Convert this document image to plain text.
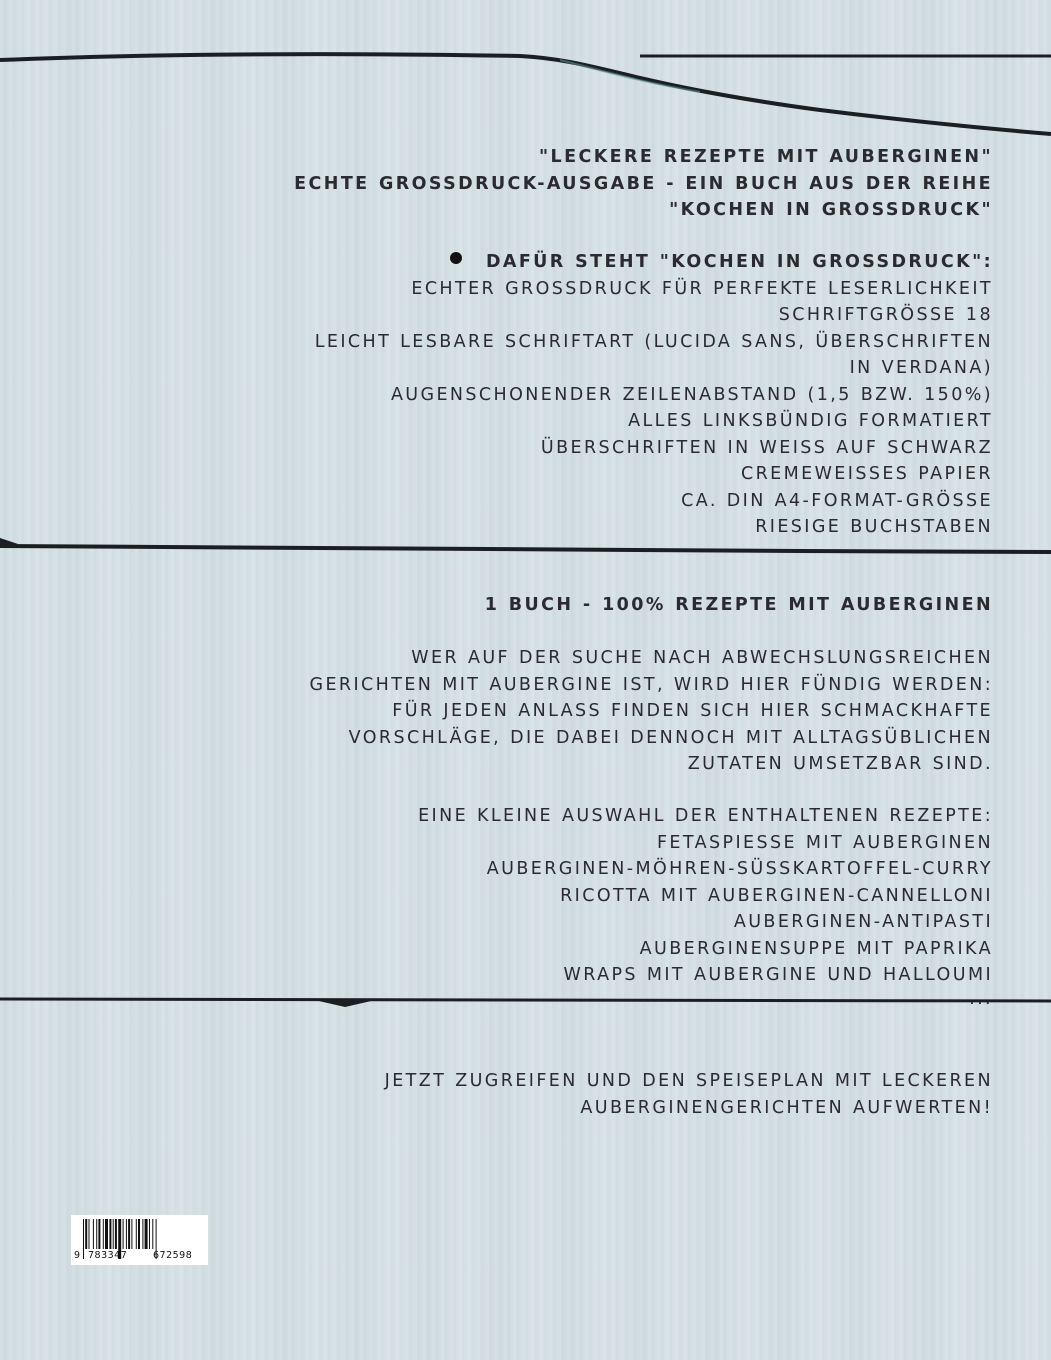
"LECKERE REZEPTE MIT AUBERGINEN"
ECHTE GROSSDRUCK-AUSGABE - EIN BUCH AUS DER REIHE
"KOCHEN IN GROSSDRUCK"
DAFÜR STEHT "KOCHEN IN GROSSDRUCK":
ECHTER GROSSDRUCK FÜR PERFEKTE LESERLICHKEIT
SCHRIFTGRÖSSE 18
LEICHT LESBARE SCHRIFTART (LUCIDA SANS, ÜBERSCHRIFTEN
IN VERDANA)
AUGENSCHONENDER ZEILENABSTAND (1,5 BZW. 150%)
ALLES LINKSBÜNDIG FORMATIERT
ÜBERSCHRIFTEN IN WEISS AUF SCHWARZ
CREMEWEISSES PAPIER
CA. DIN A4-FORMAT-GRÖSSE
RIESIGE BUCHSTABEN
1 BUCH - 100% REZEPTE MIT AUBERGINEN
WER AUF DER SUCHE NACH ABWECHSLUNGSREICHEN
GERICHTEN MIT AUBERGINE IST, WIRD HIER FÜNDIG WERDEN:
FÜR JEDEN ANLASS FINDEN SICH HIER SCHMACKHAFTE
VORSCHLÄGE, DIE DABEI DENNOCH MIT ALLTAGSÜBLICHEN
ZUTATEN UMSETZBAR SIND.
EINE KLEINE AUSWAHL DER ENTHALTENEN REZEPTE:
FETASPIESSE MIT AUBERGINEN
AUBERGINEN-MÖHREN-SÜSSKARTOFFEL-CURRY
RICOTTA MIT AUBERGINEN-CANNELLONI
AUBERGINEN-ANTIPASTI
AUBERGINENSUPPE MIT PAPRIKA
WRAPS MIT AUBERGINE UND HALLOUMI
...
JETZT ZUGREIFEN UND DEN SPEISEPLAN MIT LECKEREN
AUBERGINENGERICHTEN AUFWERTEN!
9 783347	672598
